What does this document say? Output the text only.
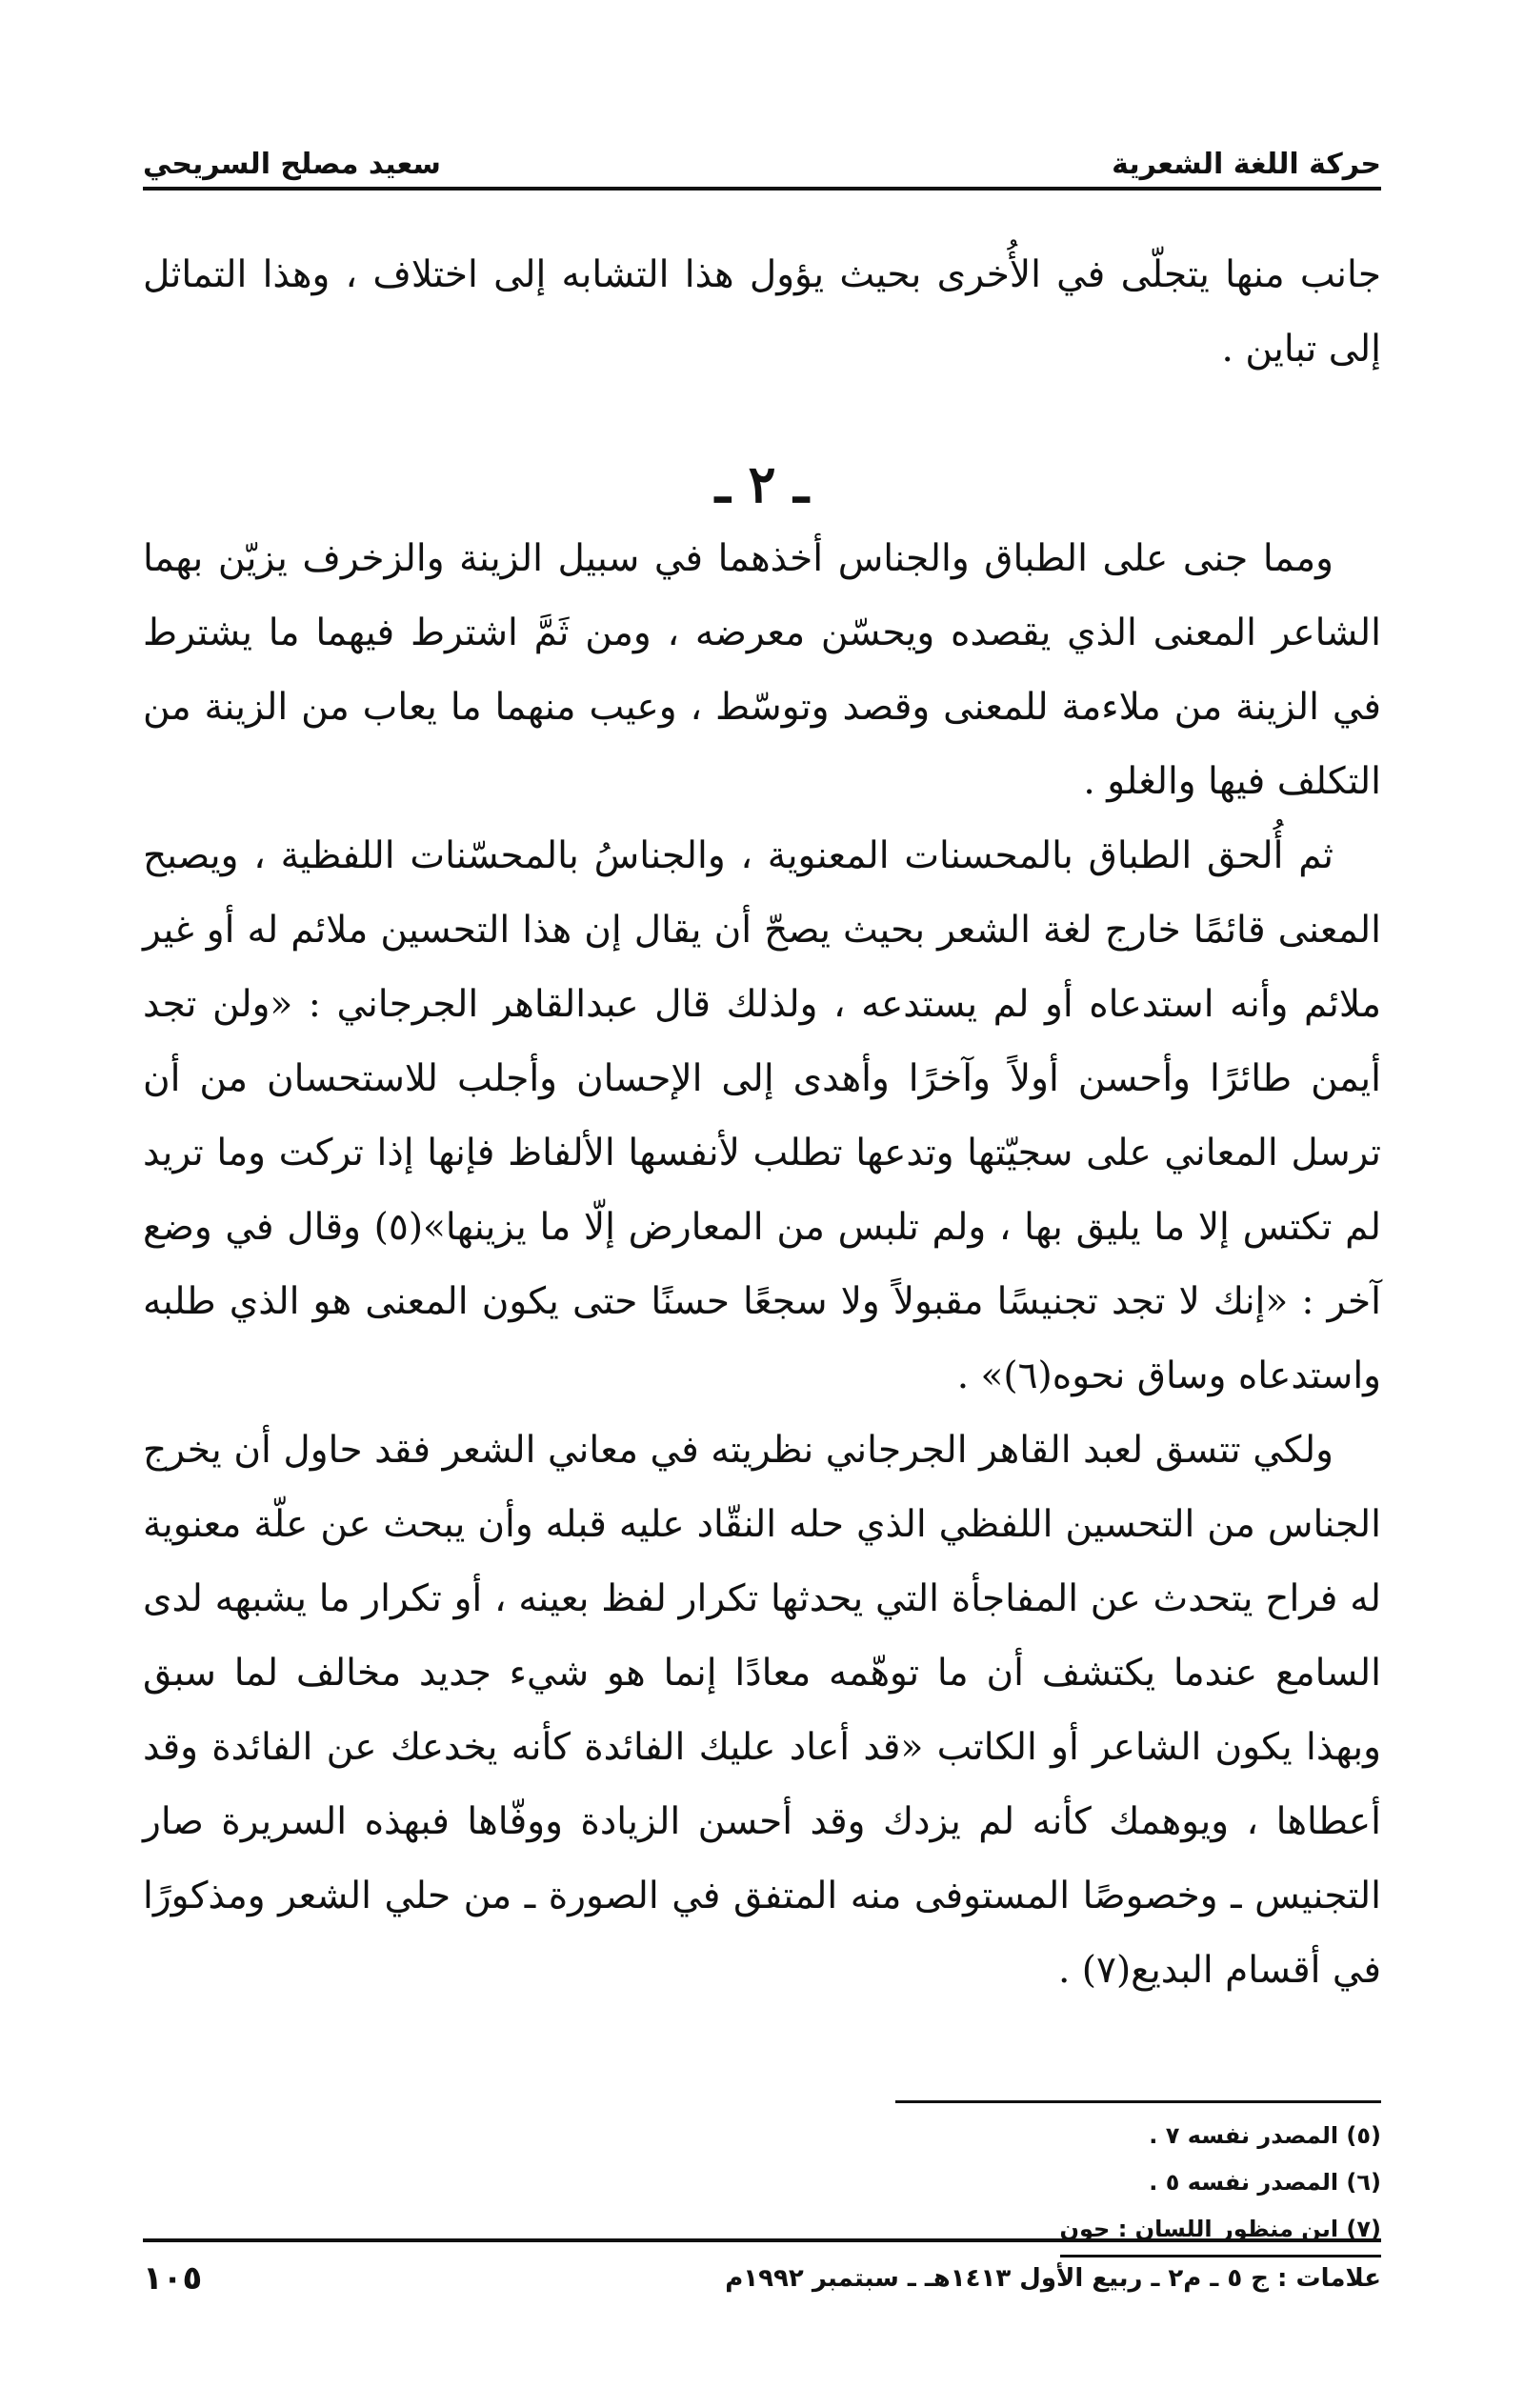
حركة اللغة الشعرية
سعيد مصلح السريحي

جانب منها يتجلّى في الأُخرى بحيث يؤول هذا التشابه إلى اختلاف ، وهذا التماثل إلى تباين .

ـ ٢ ـ

ومما جنى على الطباق والجناس أخذهما في سبيل الزينة والزخرف يزيّن بهما الشاعر المعنى الذي يقصده ويحسّن معرضه ، ومن ثَمَّ اشترط فيهما ما يشترط في الزينة من ملاءمة للمعنى وقصد وتوسّط ، وعيب منهما ما يعاب من الزينة من التكلف فيها والغلو .

ثم أُلحق الطباق بالمحسنات المعنوية ، والجناسُ بالمحسّنات اللفظية ، ويصبح المعنى قائمًا خارج لغة الشعر بحيث يصحّ أن يقال إن هذا التحسين ملائم له أو غير ملائم وأنه استدعاه أو لم يستدعه ، ولذلك قال عبدالقاهر الجرجاني : «ولن تجد أيمن طائرًا وأحسن أولاً وآخرًا وأهدى إلى الإحسان وأجلب للاستحسان من أن ترسل المعاني على سجيّتها وتدعها تطلب لأنفسها الألفاظ فإنها إذا تركت وما تريد لم تكتس إلا ما يليق بها ، ولم تلبس من المعارض إلّا ما يزينها»(٥) وقال في وضع آخر : «إنك لا تجد تجنيسًا مقبولاً ولا سجعًا حسنًا حتى يكون المعنى هو الذي طلبه واستدعاه وساق نحوه(٦)» .

ولكي تتسق لعبد القاهر الجرجاني نظريته في معاني الشعر فقد حاول أن يخرج الجناس من التحسين اللفظي الذي حله النقّاد عليه قبله وأن يبحث عن علّة معنوية له فراح يتحدث عن المفاجأة التي يحدثها تكرار لفظ بعينه ، أو تكرار ما يشبهه لدى السامع عندما يكتشف أن ما توهّمه معادًا إنما هو شيء جديد مخالف لما سبق وبهذا يكون الشاعر أو الكاتب «قد أعاد عليك الفائدة كأنه يخدعك عن الفائدة وقد أعطاها ، ويوهمك كأنه لم يزدك وقد أحسن الزيادة ووفّاها فبهذه السريرة صار التجنيس ـ وخصوصًا المستوفى منه المتفق في الصورة ـ من حلي الشعر ومذكورًا في أقسام البديع(٧) .

(٥) المصدر نفسه ٧ .
(٦) المصدر نفسه ٥ .
(٧) ابن منظور اللسان : جون
علامات : ج ٥ ـ م٢ ـ ربيع الأول ١٤١٣هـ ـ سبتمبر ١٩٩٢م
١٠٥
